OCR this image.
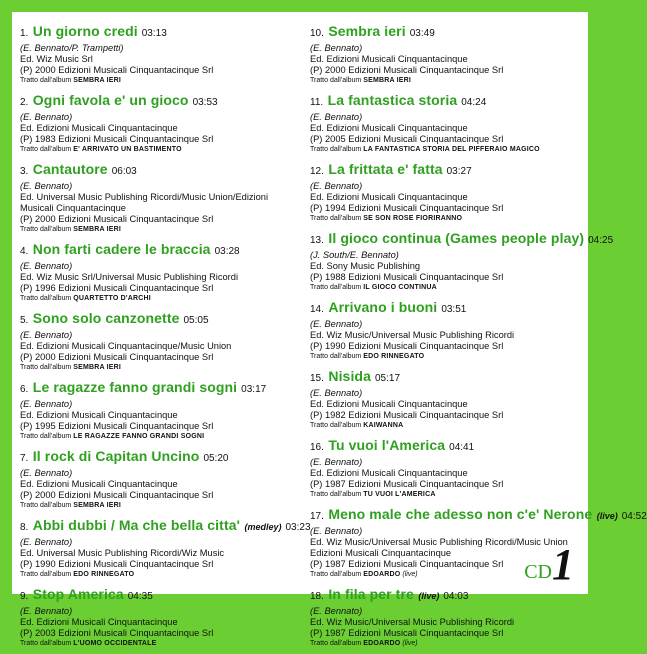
1. Un giorno credi 03:13
(E. Bennato/P. Trampetti)
Ed. Wiz Music Srl
(P) 2000 Edizioni Musicali Cinquantacinque Srl
Tratto dall'album SEMBRA IERI
2. Ogni favola e' un gioco 03:53
(E. Bennato)
Ed. Edizioni Musicali Cinquantacinque
(P) 1983 Edizioni Musicali Cinquantacinque Srl
Tratto dall'album E' ARRIVATO UN BASTIMENTO
3. Cantautore 06:03
(E. Bennato)
Ed. Universal Music Publishing Ricordi/Music Union/Edizioni
Musicali Cinquantacinque
(P) 2000 Edizioni Musicali Cinquantacinque Srl
Tratto dall'album SEMBRA IERI
4. Non farti cadere le braccia 03:28
(E. Bennato)
Ed. Wiz Music Srl/Universal Music Publishing Ricordi
(P) 1996 Edizioni Musicali Cinquantacinque Srl
Tratto dall'album QUARTETTO D'ARCHI
5. Sono solo canzonette 05:05
(E. Bennato)
Ed. Edizioni Musicali Cinquantacinque/Music Union
(P) 2000 Edizioni Musicali Cinquantacinque Srl
Tratto dall'album SEMBRA IERI
6. Le ragazze fanno grandi sogni 03:17
(E. Bennato)
Ed. Edizioni Musicali Cinquantacinque
(P) 1995 Edizioni Musicali Cinquantacinque Srl
Tratto dall'album LE RAGAZZE FANNO GRANDI SOGNI
7. Il rock di Capitan Uncino 05:20
(E. Bennato)
Ed. Edizioni Musicali Cinquantacinque
(P) 2000 Edizioni Musicali Cinquantacinque Srl
Tratto dall'album SEMBRA IERI
8. Abbi dubbi / Ma che bella citta' (medley) 03:23
(E. Bennato)
Ed. Universal Music Publishing Ricordi/Wiz Music
(P) 1990 Edizioni Musicali Cinquantacinque Srl
Tratto dall'album EDO RINNEGATO
9. Stop America 04:35
(E. Bennato)
Ed. Edizioni Musicali Cinquantacinque
(P) 2003 Edizioni Musicali Cinquantacinque Srl
Tratto dall'album L'UOMO OCCIDENTALE
10. Sembra ieri 03:49
(E. Bennato)
Ed. Edizioni Musicali Cinquantacinque
(P) 2000 Edizioni Musicali Cinquantacinque Srl
Tratto dall'album SEMBRA IERI
11. La fantastica storia 04:24
(E. Bennato)
Ed. Edizioni Musicali Cinquantacinque
(P) 2005 Edizioni Musicali Cinquantacinque Srl
Tratto dall'album LA FANTASTICA STORIA DEL PIFFERAIO MAGICO
12. La frittata e' fatta 03:27
(E. Bennato)
Ed. Edizioni Musicali Cinquantacinque
(P) 1994 Edizioni Musicali Cinquantacinque Srl
Tratto dall'album SE SON ROSE FIORIRANNO
13. Il gioco continua (Games people play) 04:25
(J. South/E. Bennato)
Ed. Sony Music Publishing
(P) 1988 Edizioni Musicali Cinquantacinque Srl
Tratto dall'album IL GIOCO CONTINUA
14. Arrivano i buoni 03:51
(E. Bennato)
Ed. Wiz Music/Universal Music Publishing Ricordi
(P) 1990 Edizioni Musicali Cinquantacinque Srl
Tratto dall'album EDO RINNEGATO
15. Nisida 05:17
(E. Bennato)
Ed. Edizioni Musicali Cinquantacinque
(P) 1982 Edizioni Musicali Cinquantacinque Srl
Tratto dall'album KAIWANNA
16. Tu vuoi l'America 04:41
(E. Bennato)
Ed. Edizioni Musicali Cinquantacinque
(P) 1987 Edizioni Musicali Cinquantacinque Srl
Tratto dall'album TU VUOI L'AMERICA
17. Meno male che adesso non c'e' Nerone (live) 04:52
(E. Bennato)
Ed. Wiz Music/Universal Music Publishing Ricordi/Music Union
Edizioni Musicali Cinquantacinque
(P) 1987 Edizioni Musicali Cinquantacinque Srl
Tratto dall'album EDOARDO (live)
18. In fila per tre (live) 04:03
(E. Bennato)
Ed. Wiz Music/Universal Music Publishing Ricordi
(P) 1987 Edizioni Musicali Cinquantacinque Srl
Tratto dall'album EDOARDO (live)
CD 1
